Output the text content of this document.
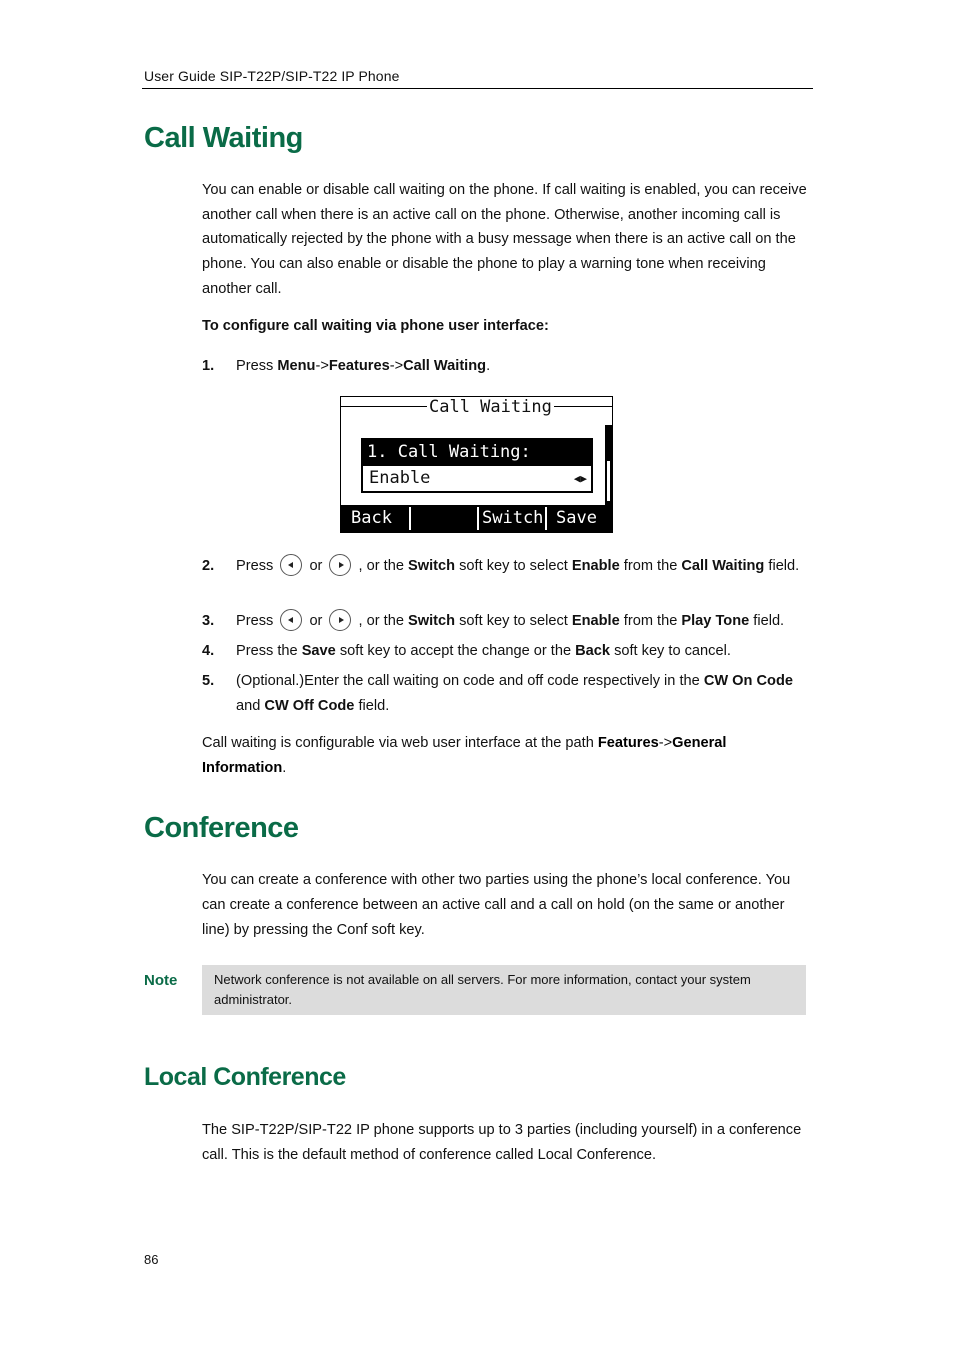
User Guide SIP-T22P/SIP-T22 IP Phone
Call Waiting

You can enable or disable call waiting on the phone. If call waiting is enabled, you can receive another call when there is an active call on the phone. Otherwise, another incoming call is automatically rejected by the phone with a busy message when there is an active call on the phone. You can also enable or disable the phone to play a warning tone when receiving another call.

To configure call waiting via phone user interface:
1. Press Menu->Features->Call Waiting.
Call Waiting
1. Call Waiting:
Enable	◀▶
Back	Switch Save
2. Press or , or the Switch soft key to select Enable from the Call Waiting field.
3. Press or , or the Switch soft key to select Enable from the Play Tone field.
4. Press the Save soft key to accept the change or the Back soft key to cancel.
5. (Optional.)Enter the call waiting on code and off code respectively in the CW On Code and CW Off Code field.

Call waiting is configurable via web user interface at the path Features->General Information.

Conference

You can create a conference with other two parties using the phone’s local conference. You can create a conference between an active call and a call on hold (on the same or another line) by pressing the Conf soft key.

Note	Network conference is not available on all servers. For more information, contact your system administrator.
Local Conference

The SIP-T22P/SIP-T22 IP phone supports up to 3 parties (including yourself) in a conference call. This is the default method of conference called Local Conference.

86
